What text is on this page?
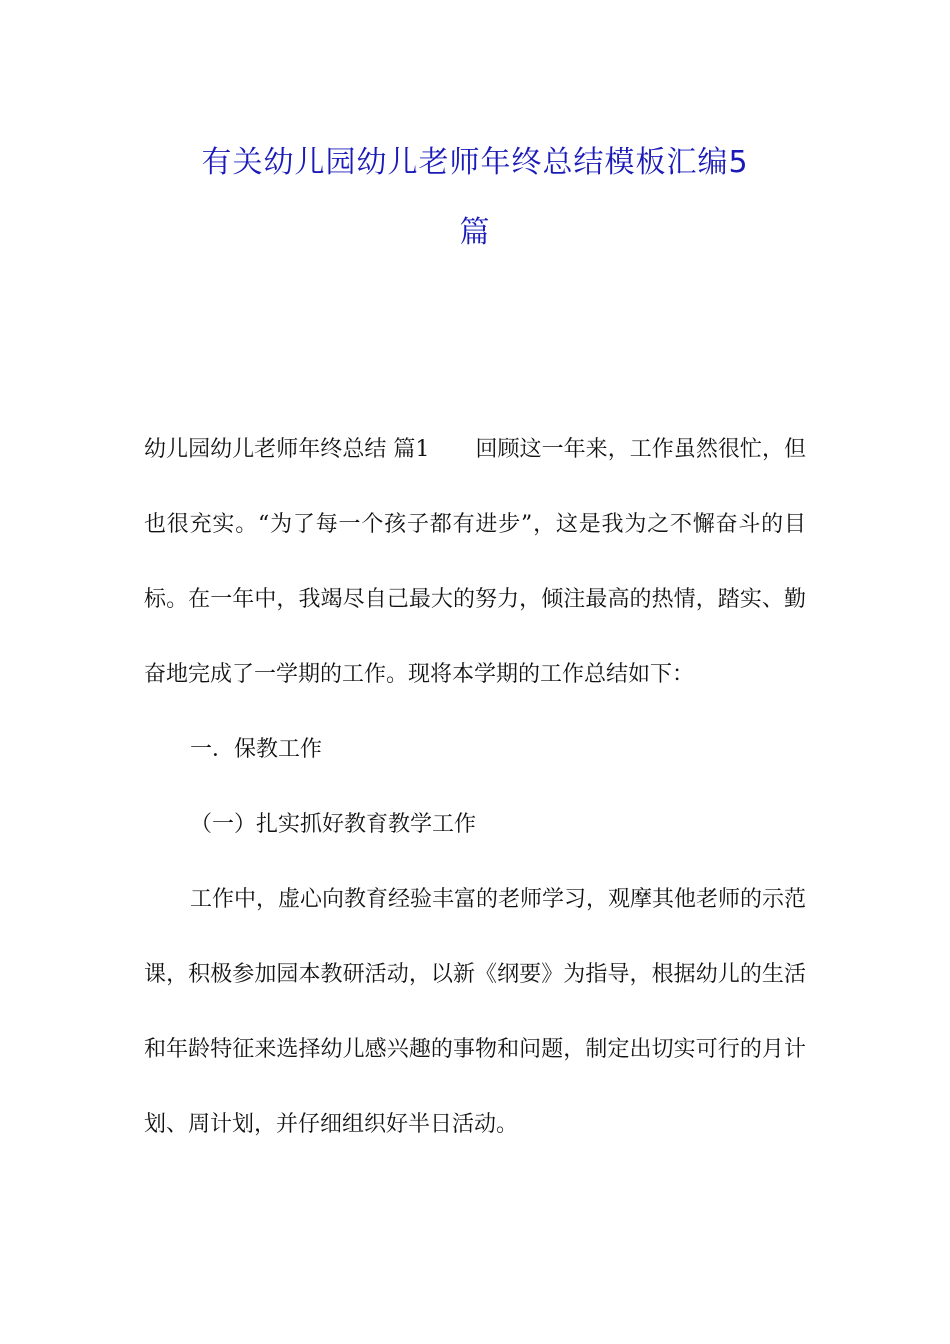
有关幼儿园幼儿老师年终总结模板汇编5
篇

幼儿园幼儿老师年终总结 篇1 回顾这一年来，工作虽然很忙，但也很充实。“为了每一个孩子都有进步”，这是我为之不懈奋斗的目标。在一年中，我竭尽自己最大的努力，倾注最高的热情，踏实、勤奋地完成了一学期的工作。现将本学期的工作总结如下：

一．保教工作

（一）扎实抓好教育教学工作

工作中，虚心向教育经验丰富的老师学习，观摩其他老师的示范课，积极参加园本教研活动，以新《纲要》为指导，根据幼儿的生活和年龄特征来选择幼儿感兴趣的事物和问题，制定出切实可行的月计划、周计划，并仔细组织好半日活动。
